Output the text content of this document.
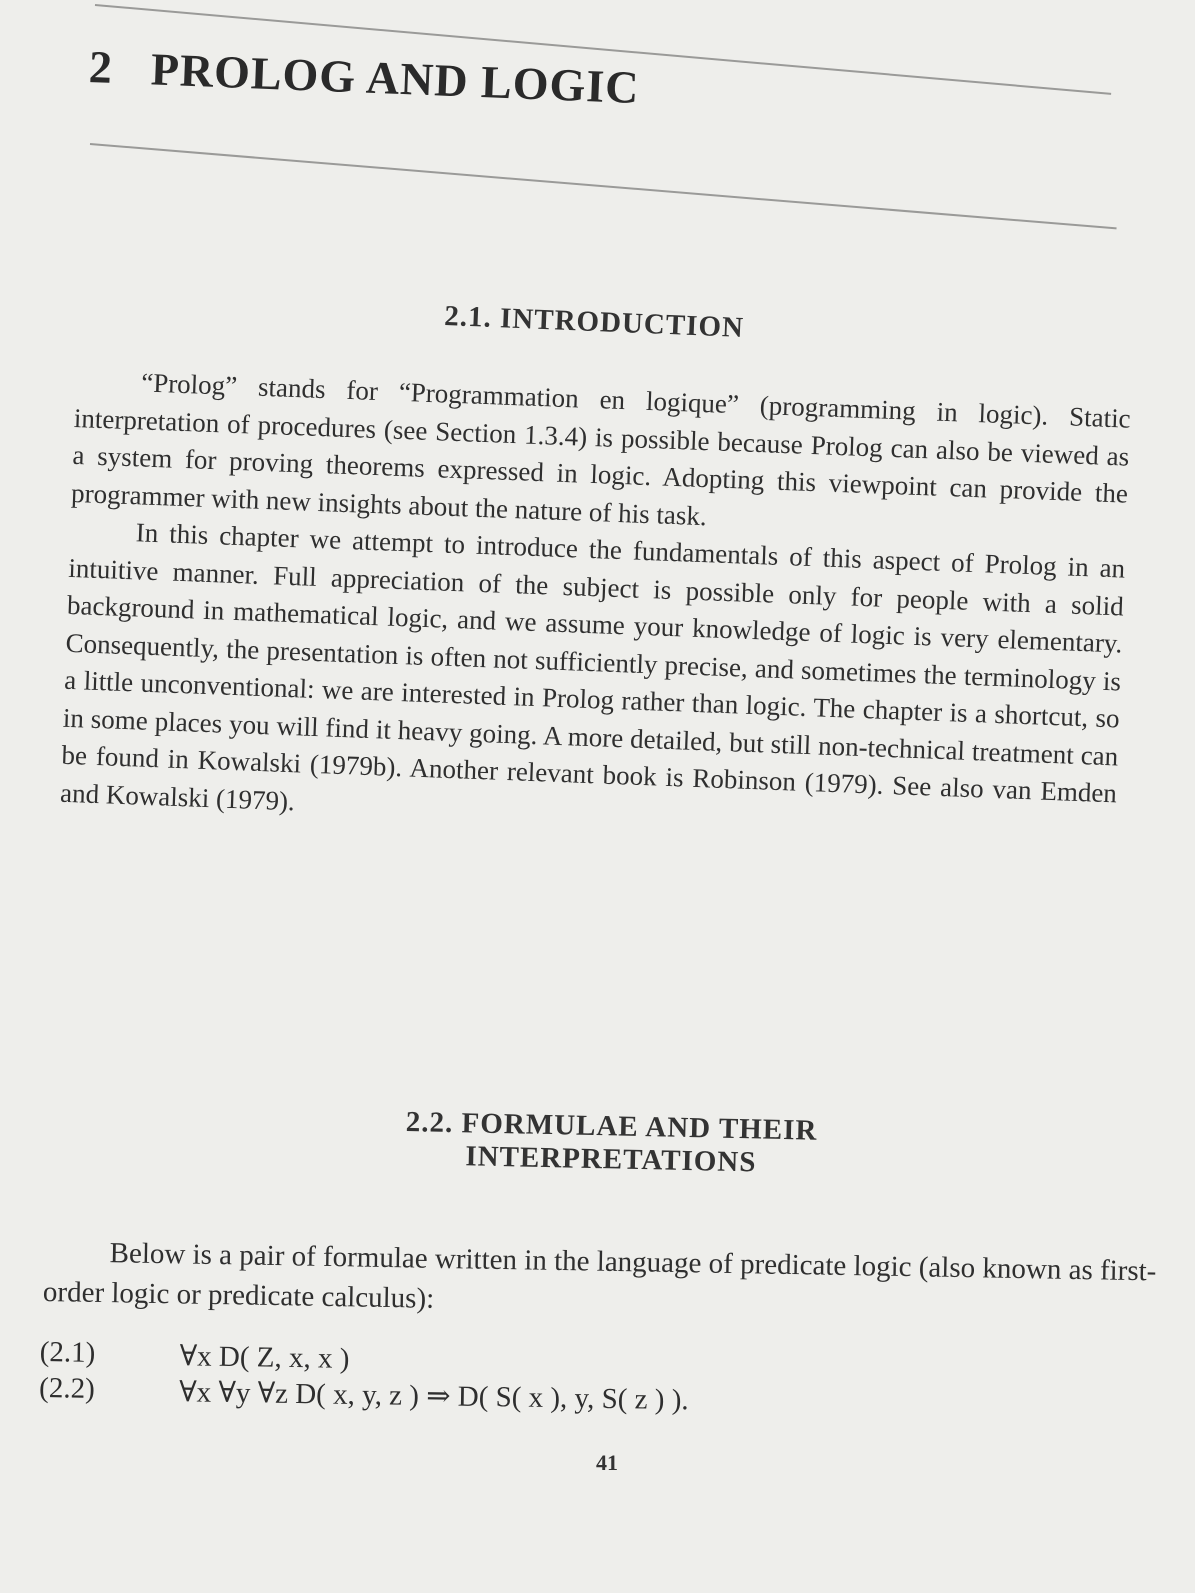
2 PROLOG AND LOGIC
2.1. INTRODUCTION

“Prolog” stands for “Programmation en logique” (programming in logic). Static interpretation of procedures (see Section 1.3.4) is possible because Prolog can also be viewed as a system for proving theorems expressed in logic. Adopting this viewpoint can provide the programmer with new insights about the nature of his task.

In this chapter we attempt to introduce the fundamentals of this aspect of Prolog in an intuitive manner. Full appreciation of the subject is possible only for people with a solid background in mathematical logic, and we assume your knowledge of logic is very elementary. Consequently, the presentation is often not sufficiently precise, and sometimes the terminology is a little unconventional: we are interested in Prolog rather than logic. The chapter is a shortcut, so in some places you will find it heavy going. A more detailed, but still non-technical treatment can be found in Kowalski (1979b). Another relevant book is Robinson (1979). See also van Emden and Kowalski (1979).

2.2. FORMULAE AND THEIR
INTERPRETATIONS

Below is a pair of formulae written in the language of predicate logic (also known as first-order logic or predicate calculus):

(2.1)	∀x D( Z, x, x )
(2.2)	∀x ∀y ∀z D( x, y, z ) ⇒ D( S( x ), y, S( z ) ).
41
